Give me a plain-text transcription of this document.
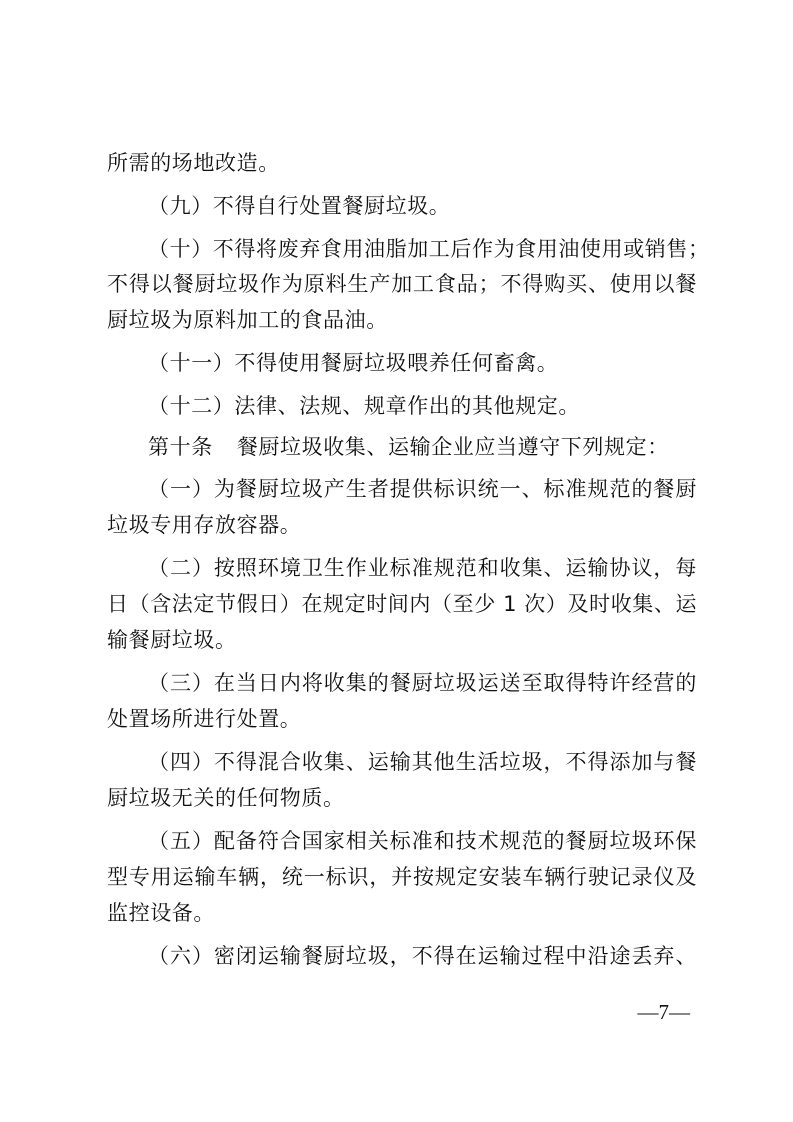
所需的场地改造。
（九）不得自行处置餐厨垃圾。
（十）不得将废弃食用油脂加工后作为食用油使用或销售；
不得以餐厨垃圾作为原料生产加工食品；不得购买、使用以餐
厨垃圾为原料加工的食品油。
（十一）不得使用餐厨垃圾喂养任何畜禽。
（十二）法律、法规、规章作出的其他规定。
第十条 餐厨垃圾收集、运输企业应当遵守下列规定：
（一）为餐厨垃圾产生者提供标识统一、标准规范的餐厨
垃圾专用存放容器。
（二）按照环境卫生作业标准规范和收集、运输协议，每
日（含法定节假日）在规定时间内（至少 1 次）及时收集、运
输餐厨垃圾。
（三）在当日内将收集的餐厨垃圾运送至取得特许经营的
处置场所进行处置。
（四）不得混合收集、运输其他生活垃圾，不得添加与餐
厨垃圾无关的任何物质。
（五）配备符合国家相关标准和技术规范的餐厨垃圾环保
型专用运输车辆，统一标识，并按规定安装车辆行驶记录仪及
监控设备。
（六）密闭运输餐厨垃圾，不得在运输过程中沿途丢弃、
—7—
